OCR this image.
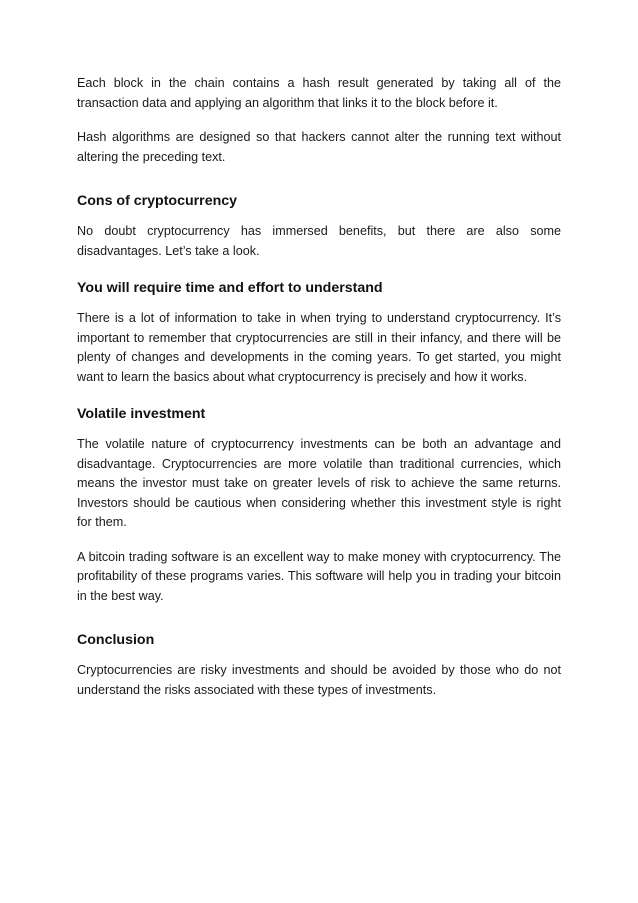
Each block in the chain contains a hash result generated by taking all of the transaction data and applying an algorithm that links it to the block before it.

Hash algorithms are designed so that hackers cannot alter the running text without altering the preceding text.

Cons of cryptocurrency

No doubt cryptocurrency has immersed benefits, but there are also some disadvantages. Let’s take a look.

You will require time and effort to understand

There is a lot of information to take in when trying to understand cryptocurrency. It’s important to remember that cryptocurrencies are still in their infancy, and there will be plenty of changes and developments in the coming years. To get started, you might want to learn the basics about what cryptocurrency is precisely and how it works.

Volatile investment

The volatile nature of cryptocurrency investments can be both an advantage and disadvantage. Cryptocurrencies are more volatile than traditional currencies, which means the investor must take on greater levels of risk to achieve the same returns. Investors should be cautious when considering whether this investment style is right for them.

A bitcoin trading software is an excellent way to make money with cryptocurrency. The profitability of these programs varies. This software will help you in trading your bitcoin in the best way.

Conclusion

Cryptocurrencies are risky investments and should be avoided by those who do not understand the risks associated with these types of investments.
